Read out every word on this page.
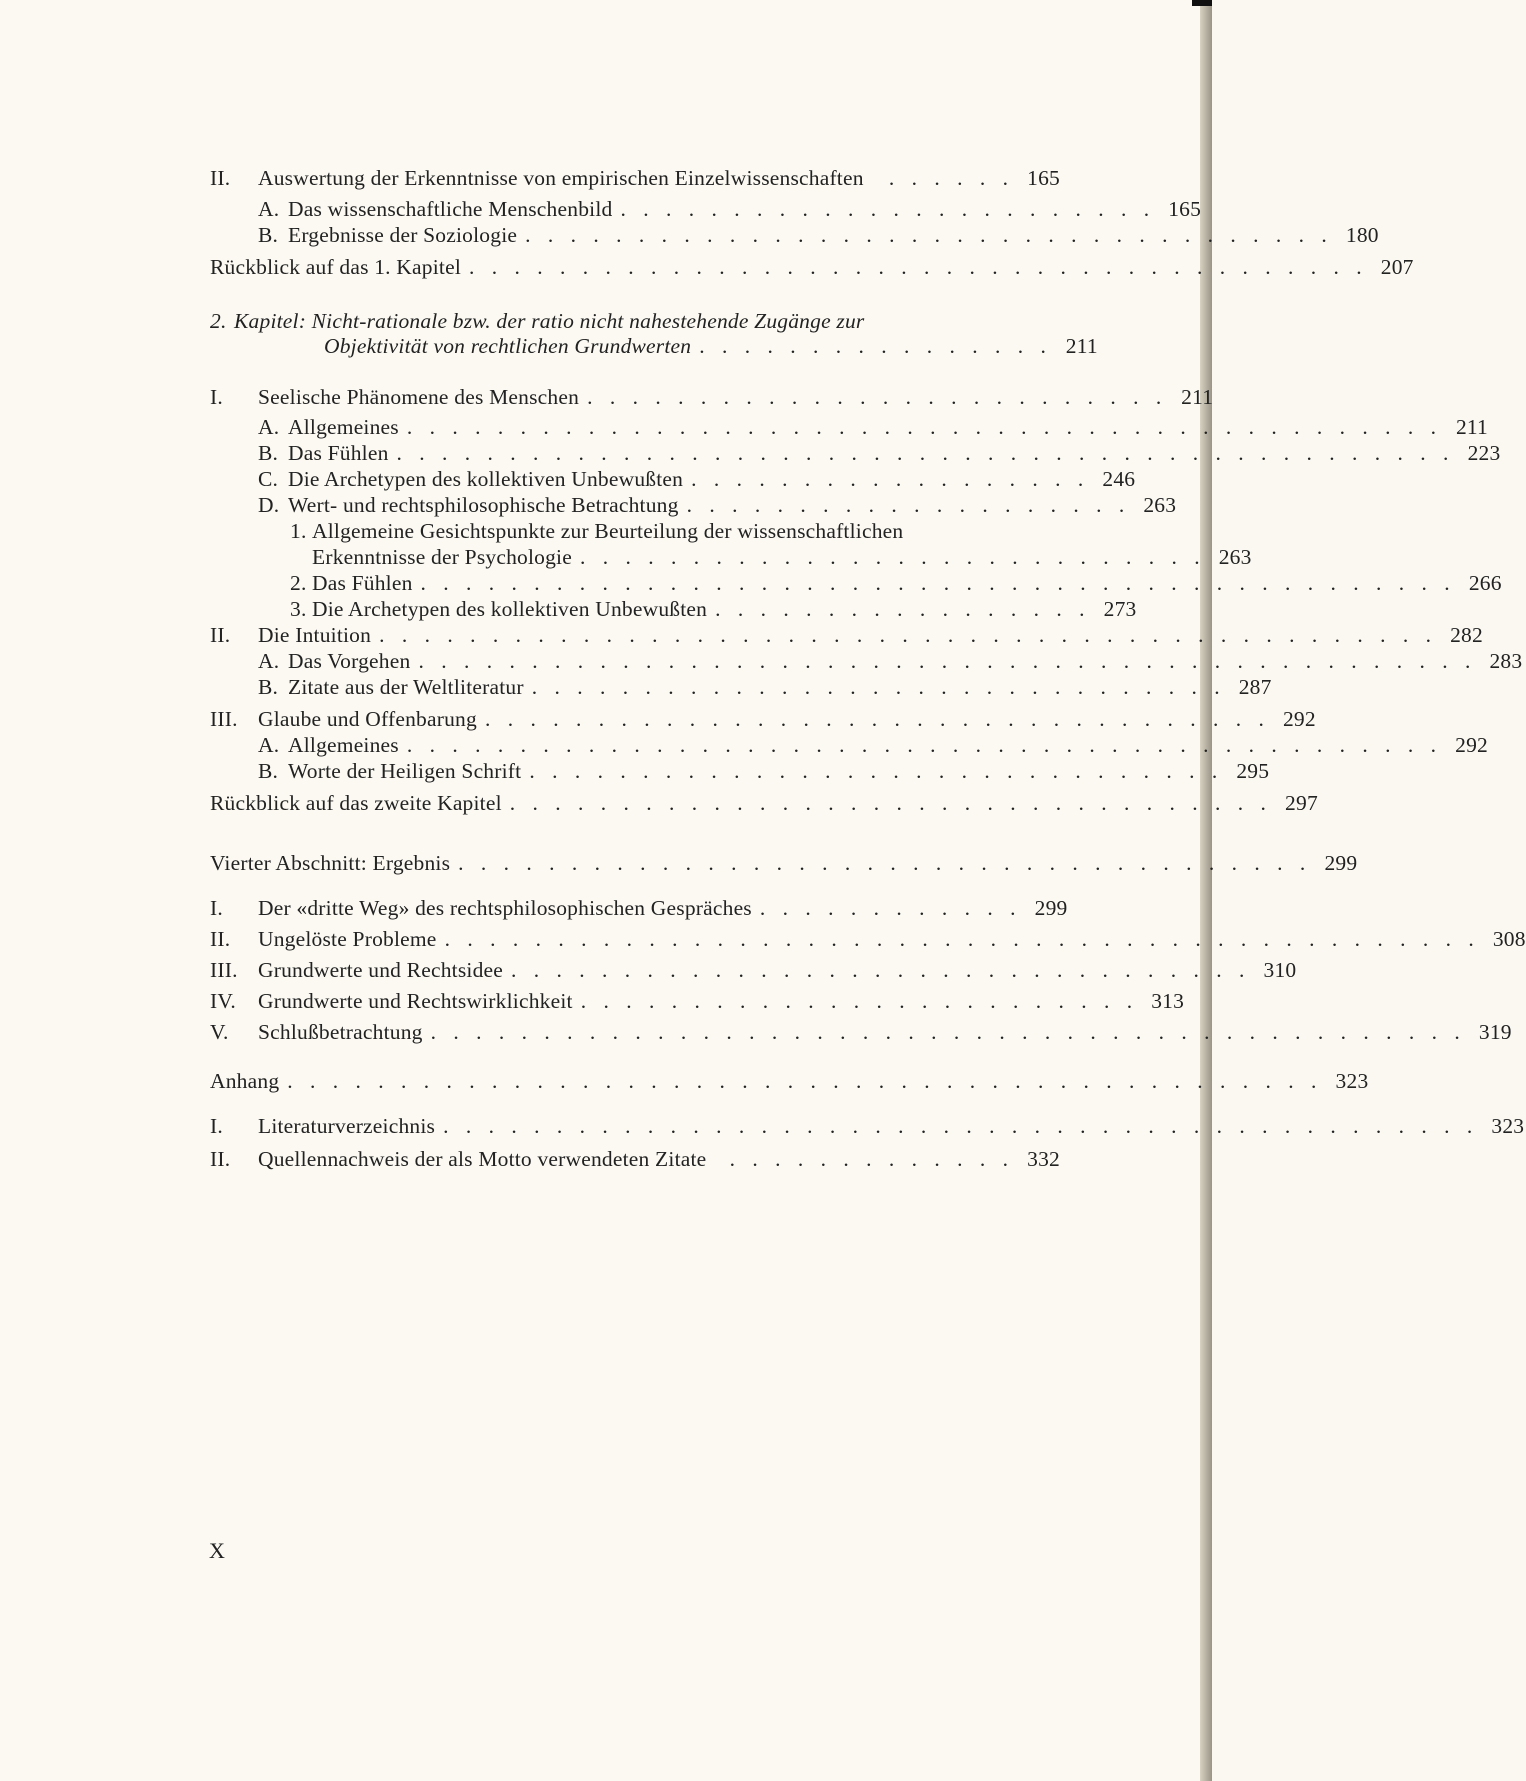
II.	Auswertung der Erkenntnisse von empirischen Einzelwissenschaften	. . . . . . 165
A. Das wissenschaftliche Menschenbild . . . . . . . . . . . . . . . . . . . . . . . . 165
B. Ergebnisse der Soziologie . . . . . . . . . . . . . . . . . . . . . . . . . . . . . . . . . . . . 180
Rückblick auf das 1. Kapitel . . . . . . . . . . . . . . . . . . . . . . . . . . . . . . . . . . . . . . . . 207
2. Kapitel: Nicht-rationale bzw. der ratio nicht nahestehende Zugänge zur
Objektivität von rechtlichen Grundwerten . . . . . . . . . . . . . . . . 211
I.	Seelische Phänomene des Menschen . . . . . . . . . . . . . . . . . . . . . . . . . . 211
A. Allgemeines . . . . . . . . . . . . . . . . . . . . . . . . . . . . . . . . . . . . . . . . . . . . . . 211
B. Das Fühlen . . . . . . . . . . . . . . . . . . . . . . . . . . . . . . . . . . . . . . . . . . . . . . . 223
C. Die Archetypen des kollektiven Unbewußten . . . . . . . . . . . . . . . . . . 246
D. Wert- und rechtsphilosophische Betrachtung . . . . . . . . . . . . . . . . . . . . 263
1. Allgemeine Gesichtspunkte zur Beurteilung der wissenschaftlichen
Erkenntnisse der Psychologie . . . . . . . . . . . . . . . . . . . . . . . . . . . . 263
2. Das Fühlen . . . . . . . . . . . . . . . . . . . . . . . . . . . . . . . . . . . . . . . . . . . . . . 266
3. Die Archetypen des kollektiven Unbewußten . . . . . . . . . . . . . . . . . 273
II.	Die Intuition . . . . . . . . . . . . . . . . . . . . . . . . . . . . . . . . . . . . . . . . . . . . . . . 282
A. Das Vorgehen . . . . . . . . . . . . . . . . . . . . . . . . . . . . . . . . . . . . . . . . . . . . . . . 283
B. Zitate aus der Weltliteratur . . . . . . . . . . . . . . . . . . . . . . . . . . . . . . . 287
III. Glaube und Offenbarung . . . . . . . . . . . . . . . . . . . . . . . . . . . . . . . . . . . 292
A. Allgemeines . . . . . . . . . . . . . . . . . . . . . . . . . . . . . . . . . . . . . . . . . . . . . . 292
B. Worte der Heiligen Schrift . . . . . . . . . . . . . . . . . . . . . . . . . . . . . . . 295
Rückblick auf das zweite Kapitel . . . . . . . . . . . . . . . . . . . . . . . . . . . . . . . . . . 297
Vierter Abschnitt: Ergebnis . . . . . . . . . . . . . . . . . . . . . . . . . . . . . . . . . . . . . . 299
I.	Der «dritte Weg» des rechtsphilosophischen Gespräches . . . . . . . . . . . . 299
II.	Ungelöste Probleme . . . . . . . . . . . . . . . . . . . . . . . . . . . . . . . . . . . . . . . . . . . . . . 308
III. Grundwerte und Rechtsidee . . . . . . . . . . . . . . . . . . . . . . . . . . . . . . . . . 310
IV.	Grundwerte und Rechtswirklichkeit . . . . . . . . . . . . . . . . . . . . . . . . . 313
V.	Schlußbetrachtung . . . . . . . . . . . . . . . . . . . . . . . . . . . . . . . . . . . . . . . . . . . . . . 319
Anhang . . . . . . . . . . . . . . . . . . . . . . . . . . . . . . . . . . . . . . . . . . . . . . 323
I.	Literaturverzeichnis . . . . . . . . . . . . . . . . . . . . . . . . . . . . . . . . . . . . . . . . . . . . . . 323
II.	Quellennachweis der als Motto verwendeten Zitate	. . . . . . . . . . . . . 332
X
